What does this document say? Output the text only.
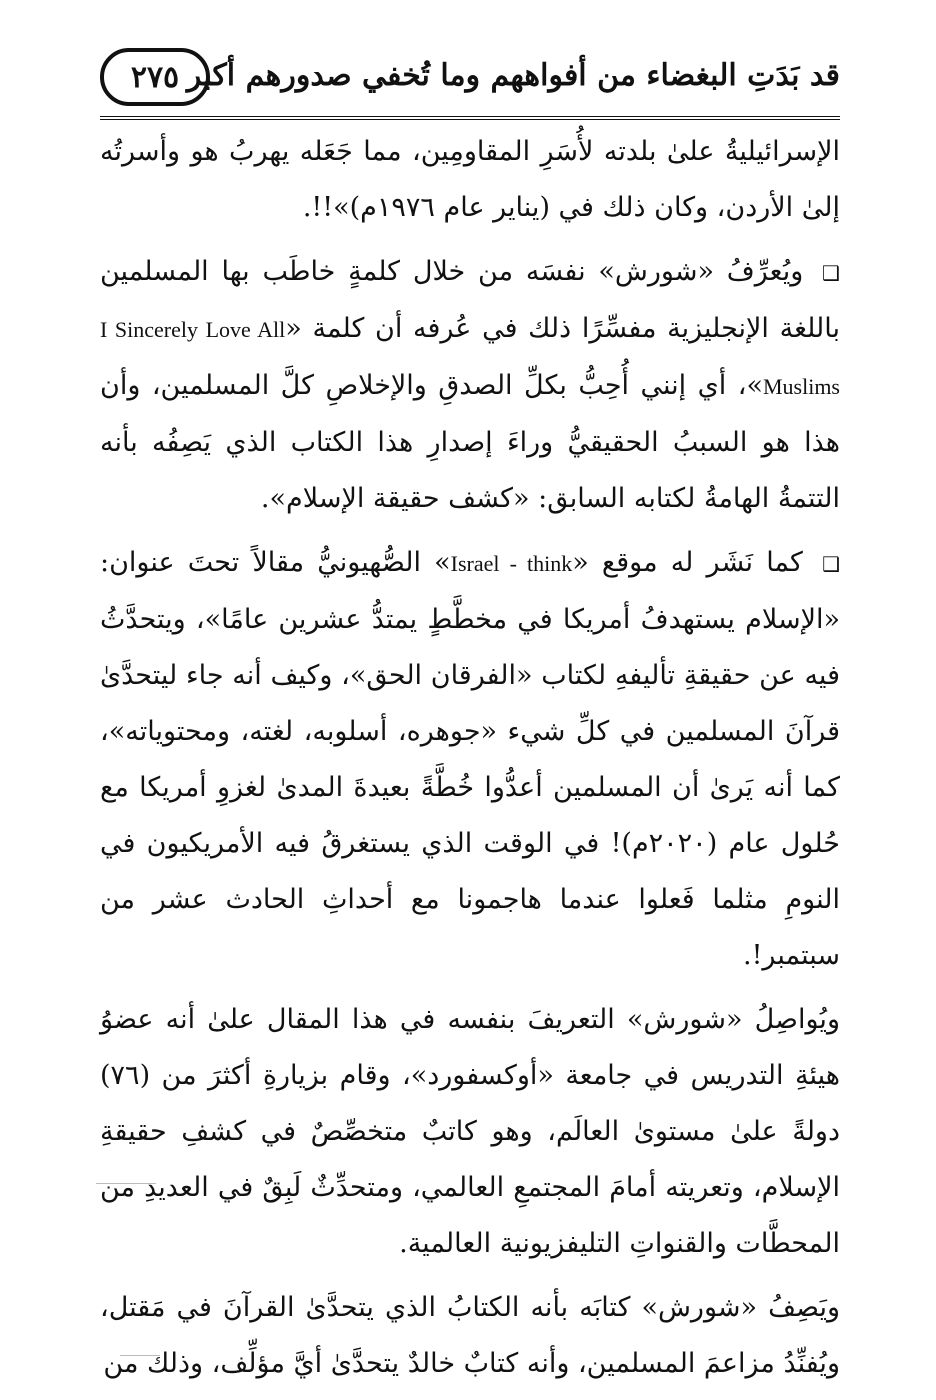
قد بَدَتِ البغضاء من أفواههم وما تُخفي صدورهم أكبر
٢٧٥

الإسرائيليةُ علىٰ بلدته لأُسَرِ المقاومِين، مما جَعَله يهربُ هو وأسرتُه إلىٰ الأردن، وكان ذلك في (يناير عام ١٩٧٦م)»!!.

❑ ويُعرِّفُ «شورش» نفسَه من خلال كلمةٍ خاطَب بها المسلمين باللغة الإنجليزية مفسِّرًا ذلك في عُرفه أن كلمة «I Sincerely Love All Muslims»، أي إنني أُحِبُّ بكلِّ الصدقِ والإخلاصِ كلَّ المسلمين، وأن هذا هو السببُ الحقيقيُّ وراءَ إصدارِ هذا الكتاب الذي يَصِفُه بأنه التتمةُ الهامةُ لكتابه السابق: «كشف حقيقة الإسلام».

❑ كما نَشَر له موقع «Israel - think» الصُّهيونيُّ مقالاً تحتَ عنوان: «الإسلام يستهدفُ أمريكا في مخطَّطٍ يمتدُّ عشرين عامًا»، ويتحدَّثُ فيه عن حقيقةِ تأليفهِ لكتاب «الفرقان الحق»، وكيف أنه جاء ليتحدَّىٰ قرآنَ المسلمين في كلِّ شيء «جوهره، أسلوبه، لغته، ومحتوياته»، كما أنه يَرىٰ أن المسلمين أعدُّوا خُطَّةً بعيدةَ المدىٰ لغزوِ أمريكا مع حُلول عام (٢٠٢٠م)! في الوقت الذي يستغرقُ فيه الأمريكيون في النومِ مثلما فَعلوا عندما هاجمونا مع أحداثِ الحادث عشر من سبتمبر!.

ويُواصِلُ «شورش» التعريفَ بنفسه في هذا المقال علىٰ أنه عضوُ هيئةِ التدريس في جامعة «أوكسفورد»، وقام بزيارةِ أكثرَ من (٧٦) دولةً علىٰ مستوىٰ العالَم، وهو كاتبٌ متخصِّصٌ في كشفِ حقيقةِ الإسلام، وتعريته أمامَ المجتمعِ العالمي، ومتحدِّثٌ لَبِقٌ في العديدِ من المحطَّات والقنواتِ التليفزيونية العالمية.

ويَصِفُ «شورش» كتابَه بأنه الكتابُ الذي يتحدَّىٰ القرآنَ في مَقتل، ويُفنِّدُ مزاعمَ المسلمين، وأنه كتابٌ خالدٌ يتحدَّىٰ أيَّ مؤلِّف، وذلك من
